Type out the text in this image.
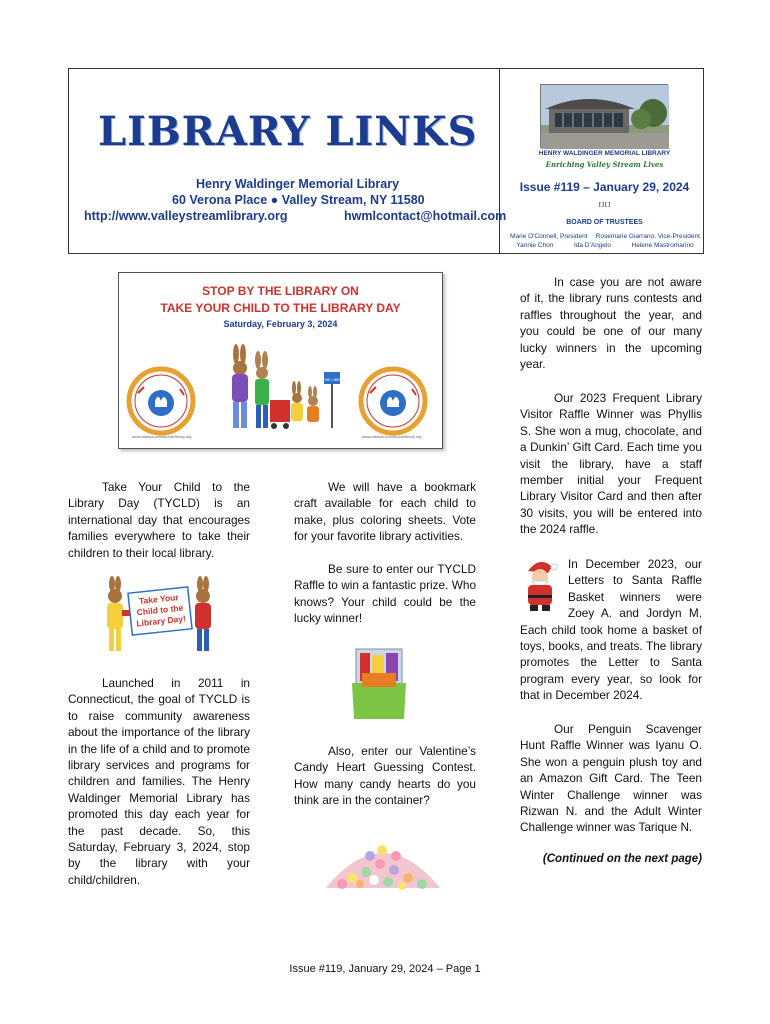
LIBRARY LINKS
Henry Waldinger Memorial Library
60 Verona Place ● Valley Stream, NY 11580
http://www.valleystreamlibrary.org	hwmlcontact@hotmail.com
HENRY WALDINGER MEMORIAL LIBRARY
Enriching Valley Stream Lives
Issue #119 – January 29, 2024
[ ] [ ]
BOARD OF TRUSTEES
Marie O'Connell, President Rosemarie Giarrano, Vice-President
Yannie Chon	Ida D'Angelo	Helene Mastromarino
STOP BY THE LIBRARY ON
TAKE YOUR CHILD TO THE LIBRARY DAY
Saturday, February 3, 2024
www.takeyourchildtothelibrary.org	www.takeyourchildtothelibrary.org
TO THE LIBRARY

Take Your Child to the Library Day (TYCLD) is an international day that encourages families everywhere to take their children to their local library.

Take Your
Child to the
Library Day!

Launched in 2011 in Connecticut, the goal of TYCLD is to raise community awareness about the importance of the library in the life of a child and to promote library services and programs for children and families. The Henry Waldinger Memorial Library has promoted this day each year for the past decade. So, this Saturday, February 3, 2024, stop by the library with your child/children.

We will have a bookmark craft available for each child to make, plus coloring sheets. Vote for your favorite library activities.

Be sure to enter our TYCLD Raffle to win a fantastic prize. Who knows? Your child could be the lucky winner!

Also, enter our Valentine’s Candy Heart Guessing Contest. How many candy hearts do you think are in the container?

In case you are not aware of it, the library runs contests and raffles throughout the year, and you could be one of our many lucky winners in the upcoming year.

Our 2023 Frequent Library Visitor Raffle Winner was Phyllis S. She won a mug, chocolate, and a Dunkin’ Gift Card. Each time you visit the library, have a staff member initial your Frequent Library Visitor Card and then after 30 visits, you will be entered into the 2024 raffle.

In December 2023, our Letters to Santa Raffle Basket winners were Zoey A. and Jordyn M. Each child took home a basket of toys, books, and treats. The library promotes the Letter to Santa program every year, so look for that in December 2024.

Our Penguin Scavenger Hunt Raffle Winner was Iyanu O. She won a penguin plush toy and an Amazon Gift Card. The Teen Winter Challenge winner was Rizwan N. and the Adult Winter Challenge winner was Tarique N.

(Continued on the next page)
Issue #119, January 29, 2024 – Page 1
